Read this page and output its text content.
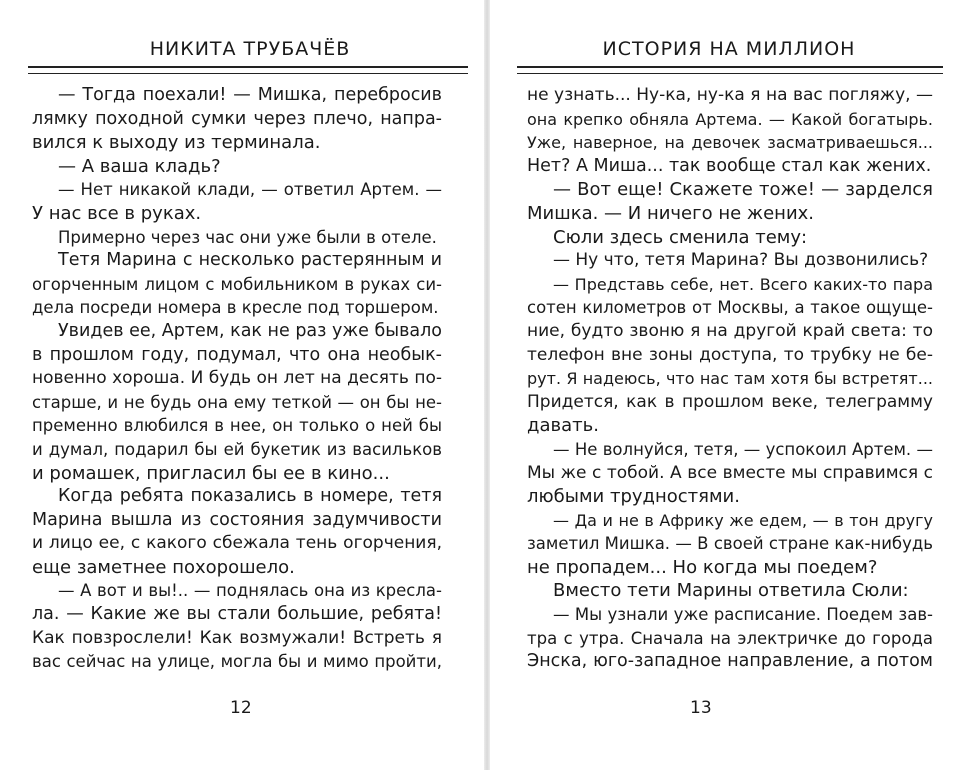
НИКИТА ТРУБАЧЁВ
— Тогда поехали! — Мишка, перебросив
лямку походной сумки через плечо, напра-
вился к выходу из терминала.
— А ваша кладь?
— Нет никакой клади, — ответил Артем. —
У нас все в руках.
Примерно через час они уже были в отеле.
Тетя Марина с несколько растерянным и
огорченным лицом с мобильником в руках си-
дела посреди номера в кресле под торшером.
Увидев ее, Артем, как не раз уже бывало
в прошлом году, подумал, что она необык-
новенно хороша. И будь он лет на десять по-
старше, и не будь она ему теткой — он бы не-
пременно влюбился в нее, он только о ней бы
и думал, подарил бы ей букетик из васильков
и ромашек, пригласил бы ее в кино...
Когда ребята показались в номере, тетя
Марина вышла из состояния задумчивости
и лицо ее, с какого сбежала тень огорчения,
еще заметнее похорошело.
— А вот и вы!.. — поднялась она из кресла-
ла. — Какие же вы стали большие, ребята!
Как повзрослели! Как возмужали! Встреть я
вас сейчас на улице, могла бы и мимо пройти,
12
ИСТОРИЯ НА МИЛЛИОН
не узнать... Ну-ка, ну-ка я на вас погляжу, —
она крепко обняла Артема. — Какой богатырь.
Уже, наверное, на девочек засматриваешься...
Нет? А Миша... так вообще стал как жених.
— Вот еще! Скажете тоже! — зарделся
Мишка. — И ничего не жених.
Сюли здесь сменила тему:
— Ну что, тетя Марина? Вы дозвонились?
— Представь себе, нет. Всего каких-то пара
сотен километров от Москвы, а такое ощуще-
ние, будто звоню я на другой край света: то
телефон вне зоны доступа, то трубку не бе-
рут. Я надеюсь, что нас там хотя бы встретят...
Придется, как в прошлом веке, телеграмму
давать.
— Не волнуйся, тетя, — успокоил Артем. —
Мы же с тобой. А все вместе мы справимся с
любыми трудностями.
— Да и не в Африку же едем, — в тон другу
заметил Мишка. — В своей стране как-нибудь
не пропадем... Но когда мы поедем?
Вместо тети Марины ответила Сюли:
— Мы узнали уже расписание. Поедем зав-
тра с утра. Сначала на электричке до города
Энска, юго-западное направление, а потом
13
